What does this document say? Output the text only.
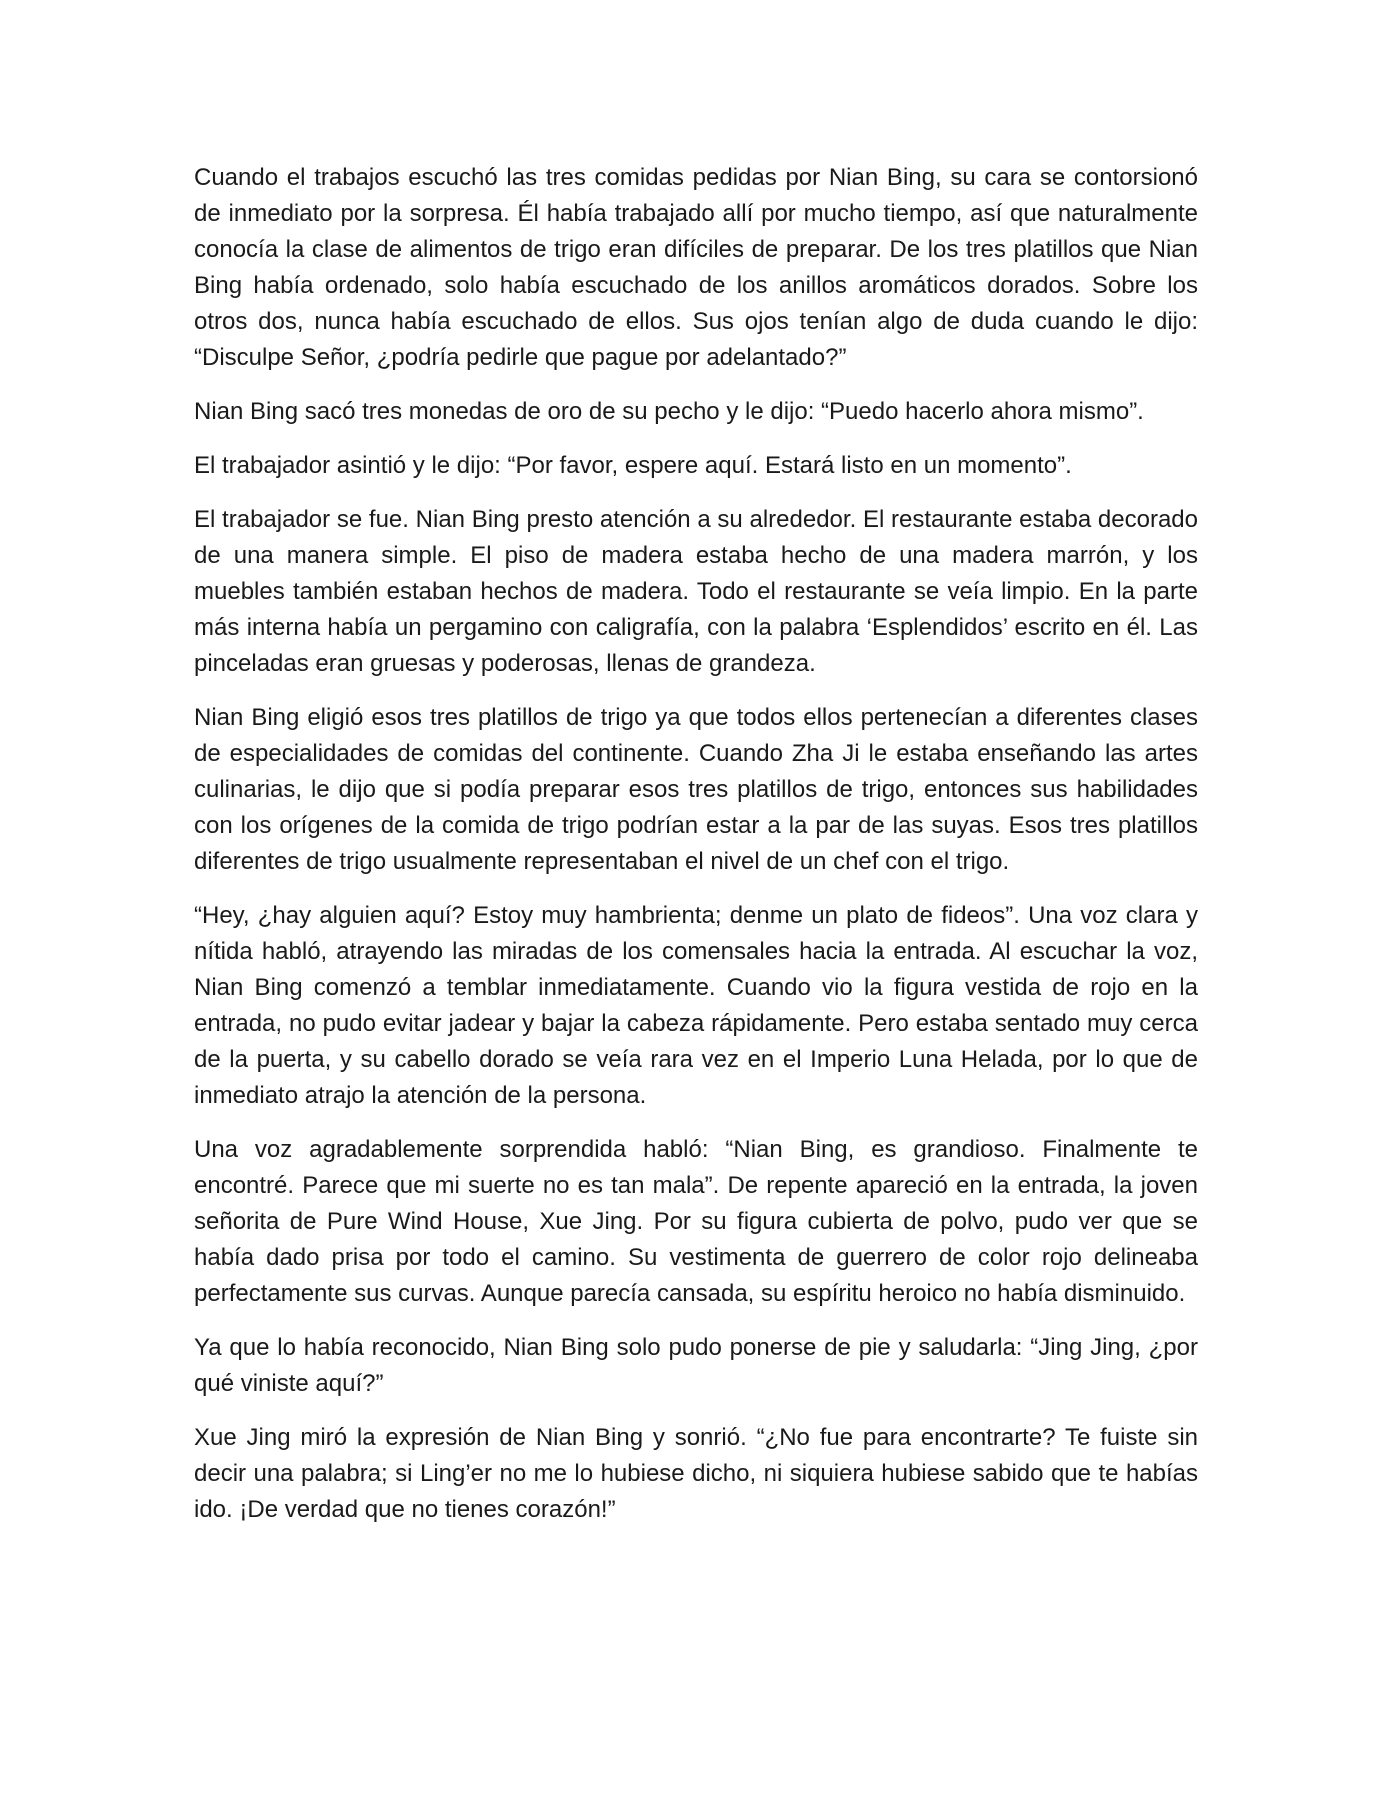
Cuando el trabajos escuchó las tres comidas pedidas por Nian Bing, su cara se contorsionó de inmediato por la sorpresa. Él había trabajado allí por mucho tiempo, así que naturalmente conocía la clase de alimentos de trigo eran difíciles de preparar. De los tres platillos que Nian Bing había ordenado, solo había escuchado de los anillos aromáticos dorados. Sobre los otros dos, nunca había escuchado de ellos. Sus ojos tenían algo de duda cuando le dijo: “Disculpe Señor, ¿podría pedirle que pague por adelantado?”

Nian Bing sacó tres monedas de oro de su pecho y le dijo: “Puedo hacerlo ahora mismo”.

El trabajador asintió y le dijo: “Por favor, espere aquí. Estará listo en un momento”.

El trabajador se fue. Nian Bing presto atención a su alrededor. El restaurante estaba decorado de una manera simple. El piso de madera estaba hecho de una madera marrón, y los muebles también estaban hechos de madera. Todo el restaurante se veía limpio. En la parte más interna había un pergamino con caligrafía, con la palabra ‘Esplendidos’ escrito en él. Las pinceladas eran gruesas y poderosas, llenas de grandeza.

Nian Bing eligió esos tres platillos de trigo ya que todos ellos pertenecían a diferentes clases de especialidades de comidas del continente. Cuando Zha Ji le estaba enseñando las artes culinarias, le dijo que si podía preparar esos tres platillos de trigo, entonces sus habilidades con los orígenes de la comida de trigo podrían estar a la par de las suyas. Esos tres platillos diferentes de trigo usualmente representaban el nivel de un chef con el trigo.

“Hey, ¿hay alguien aquí? Estoy muy hambrienta; denme un plato de fideos”. Una voz clara y nítida habló, atrayendo las miradas de los comensales hacia la entrada. Al escuchar la voz, Nian Bing comenzó a temblar inmediatamente. Cuando vio la figura vestida de rojo en la entrada, no pudo evitar jadear y bajar la cabeza rápidamente. Pero estaba sentado muy cerca de la puerta, y su cabello dorado se veía rara vez en el Imperio Luna Helada, por lo que de inmediato atrajo la atención de la persona.

Una voz agradablemente sorprendida habló: “Nian Bing, es grandioso. Finalmente te encontré. Parece que mi suerte no es tan mala”. De repente apareció en la entrada, la joven señorita de Pure Wind House, Xue Jing. Por su figura cubierta de polvo, pudo ver que se había dado prisa por todo el camino. Su vestimenta de guerrero de color rojo delineaba perfectamente sus curvas. Aunque parecía cansada, su espíritu heroico no había disminuido.

Ya que lo había reconocido, Nian Bing solo pudo ponerse de pie y saludarla: “Jing Jing, ¿por qué viniste aquí?”

Xue Jing miró la expresión de Nian Bing y sonrió. “¿No fue para encontrarte? Te fuiste sin decir una palabra; si Ling’er no me lo hubiese dicho, ni siquiera hubiese sabido que te habías ido. ¡De verdad que no tienes corazón!”
